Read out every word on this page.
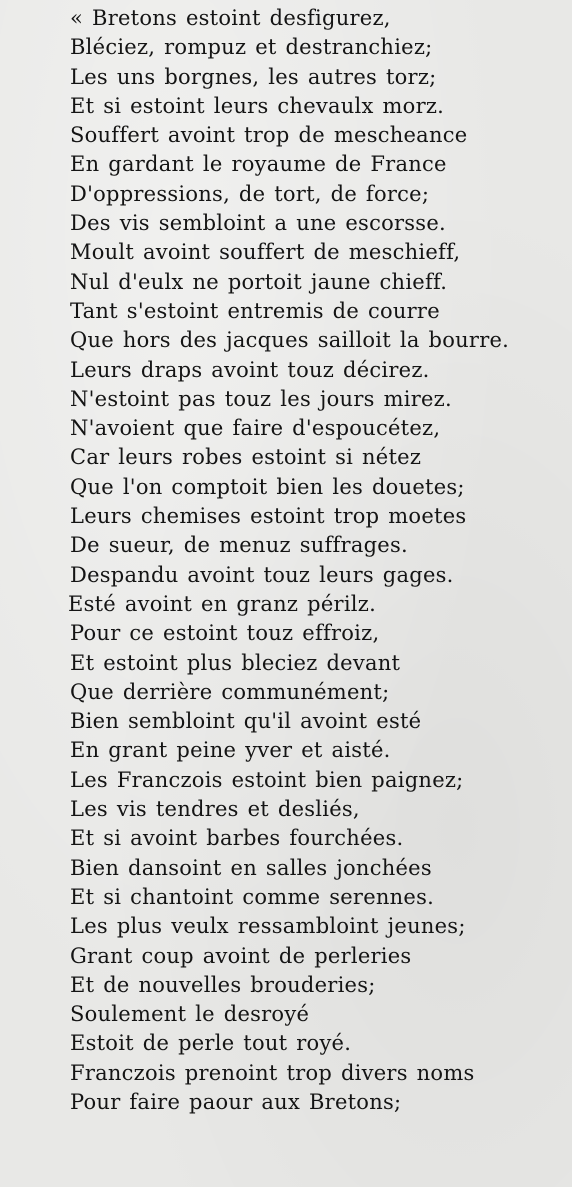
« Bretons estoint desfigurez,
Bléciez, rompuz et destranchiez;
Les uns borgnes, les autres torz;
Et si estoint leurs chevaulx morz.
Souffert avoint trop de mescheance
En gardant le royaume de France
D'oppressions, de tort, de force;
Des vis sembloint a une escorsse.
Moult avoint souffert de meschieff,
Nul d'eulx ne portoit jaune chieff.
Tant s'estoint entremis de courre
Que hors des jacques sailloit la bourre.
Leurs draps avoint touz décirez.
N'estoint pas touz les jours mirez.
N'avoient que faire d'espoucétez,
Car leurs robes estoint si nétez
Que l'on comptoit bien les douetes;
Leurs chemises estoint trop moetes
De sueur, de menuz suffrages.
Despandu avoint touz leurs gages.
Esté avoint en granz périlz.
Pour ce estoint touz effroiz,
Et estoint plus bleciez devant
Que derrière communément;
Bien sembloint qu'il avoint esté
En grant peine yver et aisté.
Les Franczois estoint bien paignez;
Les vis tendres et desliés,
Et si avoint barbes fourchées.
Bien dansoint en salles jonchées
Et si chantoint comme serennes.
Les plus veulx ressambloint jeunes;
Grant coup avoint de perleries
Et de nouvelles brouderies;
Soulement le desroyé
Estoit de perle tout royé.
Franczois prenoint trop divers noms
Pour faire paour aux Bretons;
